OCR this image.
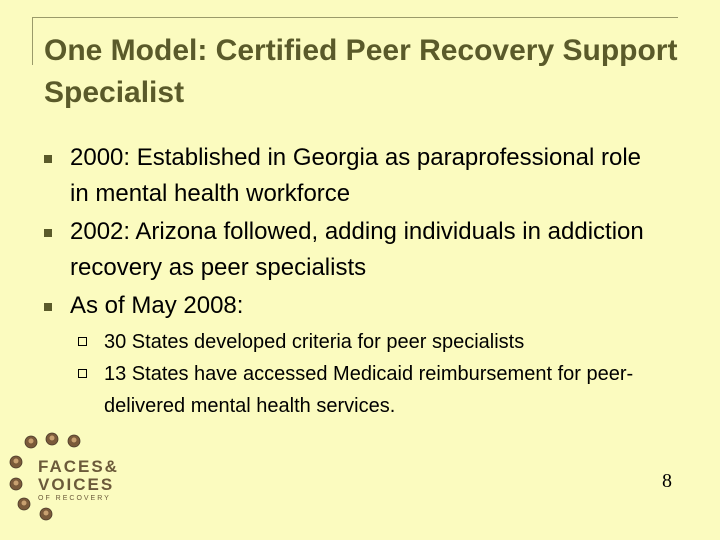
One Model: Certified Peer Recovery Support Specialist
2000: Established in Georgia as paraprofessional role in mental health workforce
2002: Arizona followed, adding individuals in addiction recovery as peer specialists
As of May 2008:
30 States developed criteria for peer specialists
13 States have accessed Medicaid reimbursement for peer-delivered mental health services.
FACES&
VOICES
OF RECOVERY
8
